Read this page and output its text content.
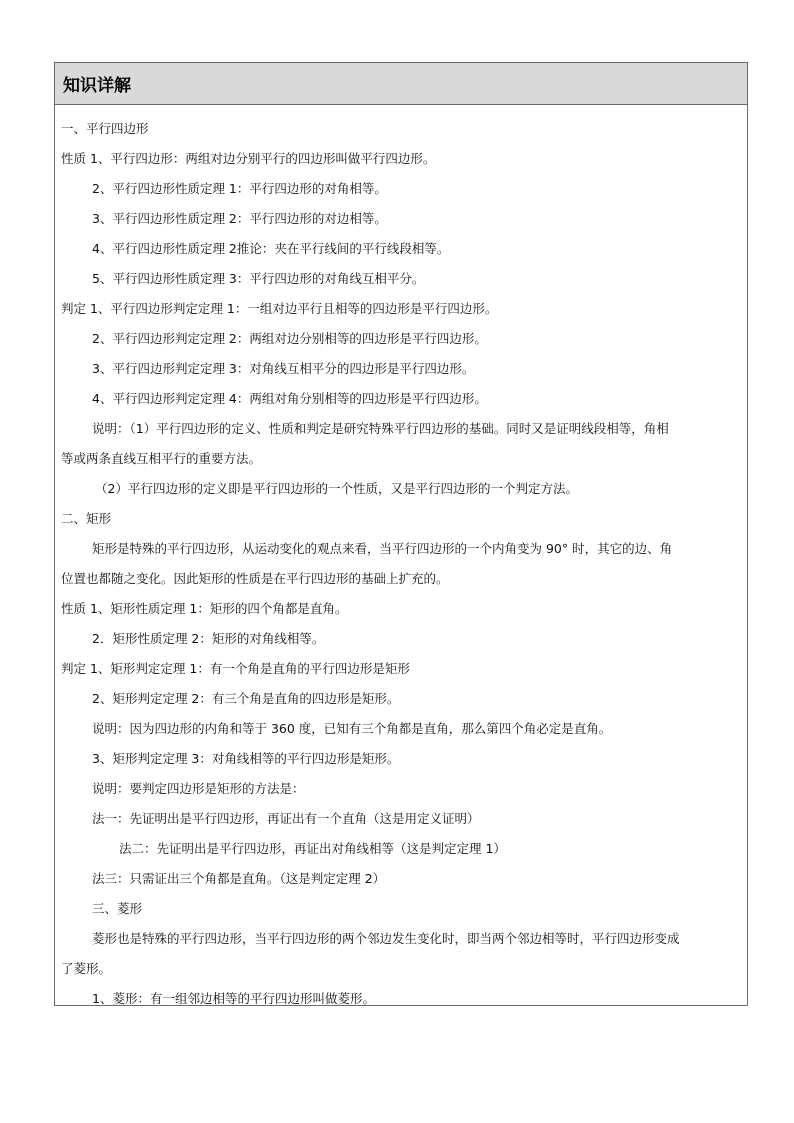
知识详解
一、平行四边形
性质 1、平行四边形：两组对边分别平行的四边形叫做平行四边形。
2、平行四边形性质定理 1：平行四边形的对角相等。
3、平行四边形性质定理 2：平行四边形的对边相等。
4、平行四边形性质定理 2推论：夹在平行线间的平行线段相等。
5、平行四边形性质定理 3：平行四边形的对角线互相平分。
判定 1、平行四边形判定定理 1：一组对边平行且相等的四边形是平行四边形。
2、平行四边形判定定理 2：两组对边分别相等的四边形是平行四边形。
3、平行四边形判定定理 3：对角线互相平分的四边形是平行四边形。
4、平行四边形判定定理 4：两组对角分别相等的四边形是平行四边形。
说明：（1）平行四边形的定义、性质和判定是研究特殊平行四边形的基础。同时又是证明线段相等，角相
等或两条直线互相平行的重要方法。
（2）平行四边形的定义即是平行四边形的一个性质，又是平行四边形的一个判定方法。
二、矩形
矩形是特殊的平行四边形，从运动变化的观点来看，当平行四边形的一个内角变为 90° 时，其它的边、角
位置也都随之变化。因此矩形的性质是在平行四边形的基础上扩充的。
性质 1、矩形性质定理 1：矩形的四个角都是直角。
2．矩形性质定理 2：矩形的对角线相等。
判定 1、矩形判定定理 1：有一个角是直角的平行四边形是矩形
2、矩形判定定理 2：有三个角是直角的四边形是矩形。
说明：因为四边形的内角和等于 360 度，已知有三个角都是直角，那么第四个角必定是直角。
3、矩形判定定理 3：对角线相等的平行四边形是矩形。
说明：要判定四边形是矩形的方法是：
法一：先证明出是平行四边形，再证出有一个直角（这是用定义证明）
法二：先证明出是平行四边形，再证出对角线相等（这是判定定理 1）
法三：只需证出三个角都是直角。（这是判定定理 2）
三、菱形
菱形也是特殊的平行四边形，当平行四边形的两个邻边发生变化时，即当两个邻边相等时，平行四边形变成
了菱形。
1、菱形：有一组邻边相等的平行四边形叫做菱形。
